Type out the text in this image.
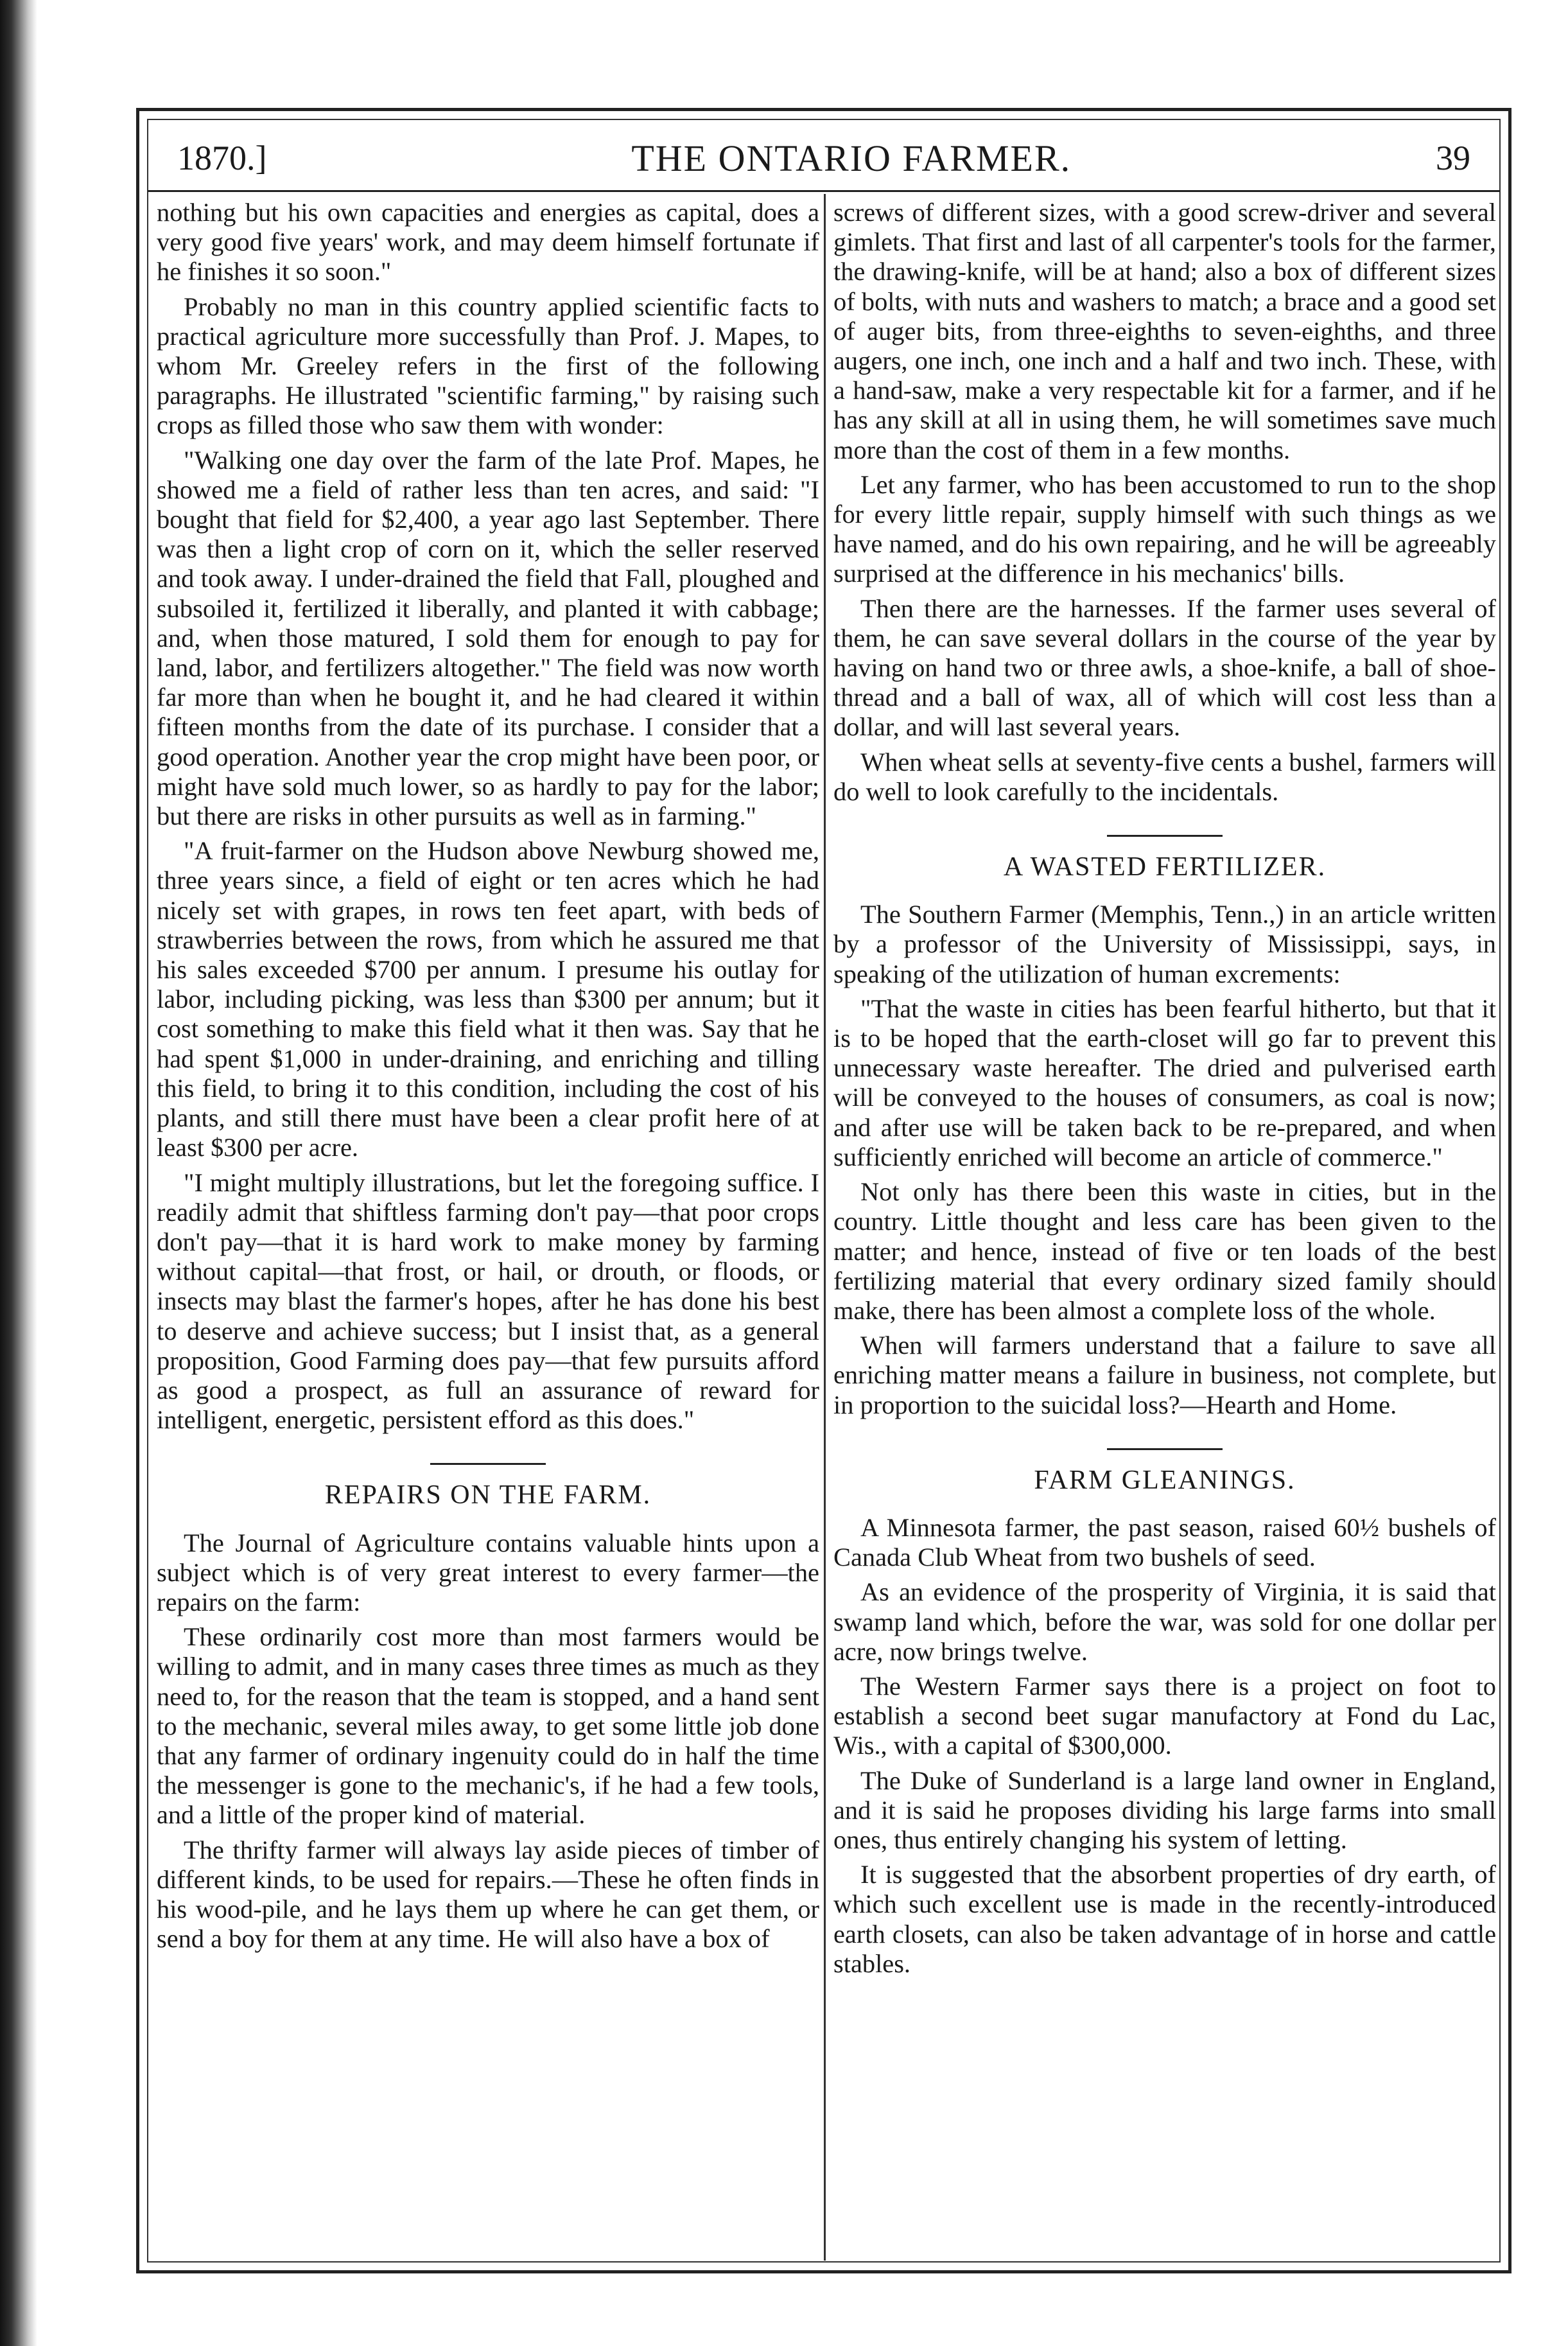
1870.]	THE ONTARIO FARMER.	39

nothing but his own capacities and energies as capital, does a very good five years' work, and may deem himself fortunate if he finishes it so soon."

Probably no man in this country applied scientific facts to practical agriculture more successfully than Prof. J. Mapes, to whom Mr. Greeley refers in the first of the following paragraphs. He illustrated "scientific farming," by raising such crops as filled those who saw them with wonder:

"Walking one day over the farm of the late Prof. Mapes, he showed me a field of rather less than ten acres, and said: "I bought that field for $2,400, a year ago last September. There was then a light crop of corn on it, which the seller reserved and took away. I under-drained the field that Fall, ploughed and subsoiled it, fertilized it liberally, and planted it with cabbage; and, when those matured, I sold them for enough to pay for land, labor, and fertilizers altogether." The field was now worth far more than when he bought it, and he had cleared it within fifteen months from the date of its purchase. I consider that a good operation. Another year the crop might have been poor, or might have sold much lower, so as hardly to pay for the labor; but there are risks in other pursuits as well as in farming."

"A fruit-farmer on the Hudson above Newburg showed me, three years since, a field of eight or ten acres which he had nicely set with grapes, in rows ten feet apart, with beds of strawberries between the rows, from which he assured me that his sales exceeded $700 per annum. I presume his outlay for labor, including picking, was less than $300 per annum; but it cost something to make this field what it then was. Say that he had spent $1,000 in under-draining, and enriching and tilling this field, to bring it to this condition, including the cost of his plants, and still there must have been a clear profit here of at least $300 per acre.

"I might multiply illustrations, but let the foregoing suffice. I readily admit that shiftless farming don't pay—that poor crops don't pay—that it is hard work to make money by farming without capital—that frost, or hail, or drouth, or floods, or insects may blast the farmer's hopes, after he has done his best to deserve and achieve success; but I insist that, as a general proposition, Good Farming does pay—that few pursuits afford as good a prospect, as full an assurance of reward for intelligent, energetic, persistent efford as this does."

REPAIRS ON THE FARM.

The Journal of Agriculture contains valuable hints upon a subject which is of very great interest to every farmer—the repairs on the farm:

These ordinarily cost more than most farmers would be willing to admit, and in many cases three times as much as they need to, for the reason that the team is stopped, and a hand sent to the mechanic, several miles away, to get some little job done that any farmer of ordinary ingenuity could do in half the time the messenger is gone to the mechanic's, if he had a few tools, and a little of the proper kind of material.

The thrifty farmer will always lay aside pieces of timber of different kinds, to be used for repairs.—These he often finds in his wood-pile, and he lays them up where he can get them, or send a boy for them at any time. He will also have a box of

screws of different sizes, with a good screw-driver and several gimlets. That first and last of all carpenter's tools for the farmer, the drawing-knife, will be at hand; also a box of different sizes of bolts, with nuts and washers to match; a brace and a good set of auger bits, from three-eighths to seven-eighths, and three augers, one inch, one inch and a half and two inch. These, with a hand-saw, make a very respectable kit for a farmer, and if he has any skill at all in using them, he will sometimes save much more than the cost of them in a few months.

Let any farmer, who has been accustomed to run to the shop for every little repair, supply himself with such things as we have named, and do his own repairing, and he will be agreeably surprised at the difference in his mechanics' bills.

Then there are the harnesses. If the farmer uses several of them, he can save several dollars in the course of the year by having on hand two or three awls, a shoe-knife, a ball of shoe-thread and a ball of wax, all of which will cost less than a dollar, and will last several years.

When wheat sells at seventy-five cents a bushel, farmers will do well to look carefully to the incidentals.

A WASTED FERTILIZER.

The Southern Farmer (Memphis, Tenn.,) in an article written by a professor of the University of Mississippi, says, in speaking of the utilization of human excrements:

"That the waste in cities has been fearful hitherto, but that it is to be hoped that the earth-closet will go far to prevent this unnecessary waste hereafter. The dried and pulverised earth will be conveyed to the houses of consumers, as coal is now; and after use will be taken back to be re-prepared, and when sufficiently enriched will become an article of commerce."

Not only has there been this waste in cities, but in the country. Little thought and less care has been given to the matter; and hence, instead of five or ten loads of the best fertilizing material that every ordinary sized family should make, there has been almost a complete loss of the whole.

When will farmers understand that a failure to save all enriching matter means a failure in business, not complete, but in proportion to the suicidal loss?—Hearth and Home.

FARM GLEANINGS.

A Minnesota farmer, the past season, raised 60½ bushels of Canada Club Wheat from two bushels of seed.

As an evidence of the prosperity of Virginia, it is said that swamp land which, before the war, was sold for one dollar per acre, now brings twelve.

The Western Farmer says there is a project on foot to establish a second beet sugar manufactory at Fond du Lac, Wis., with a capital of $300,000.

The Duke of Sunderland is a large land owner in England, and it is said he proposes dividing his large farms into small ones, thus entirely changing his system of letting.

It is suggested that the absorbent properties of dry earth, of which such excellent use is made in the recently-introduced earth closets, can also be taken advantage of in horse and cattle stables.
